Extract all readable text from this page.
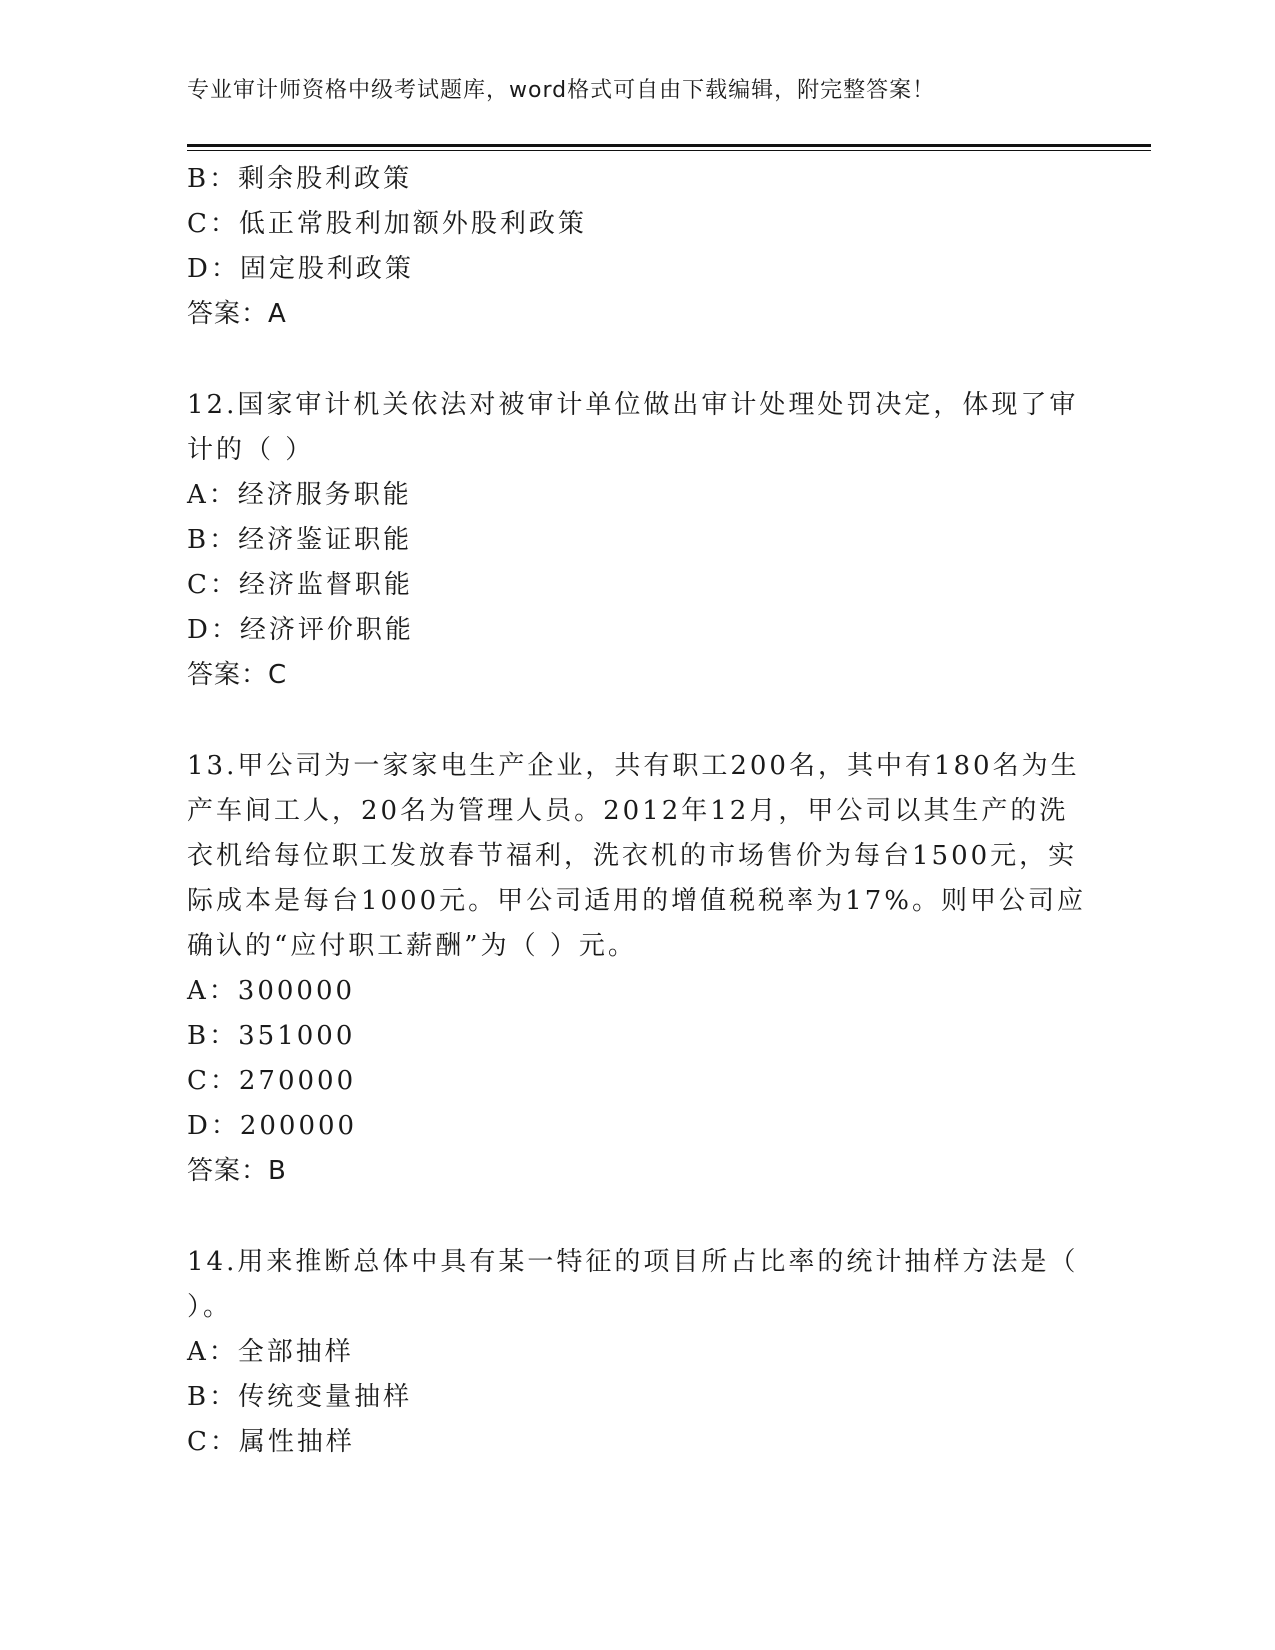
专业审计师资格中级考试题库，word格式可自由下载编辑，附完整答案！
B：剩余股利政策
C：低正常股利加额外股利政策
D：固定股利政策
答案：A
12.国家审计机关依法对被审计单位做出审计处理处罚决定，体现了审
计的（ ）
A：经济服务职能
B：经济鉴证职能
C：经济监督职能
D：经济评价职能
答案：C
13.甲公司为一家家电生产企业，共有职工200名，其中有180名为生
产车间工人，20名为管理人员。2012年12月，甲公司以其生产的洗
衣机给每位职工发放春节福利，洗衣机的市场售价为每台1500元，实
际成本是每台1000元。甲公司适用的增值税税率为17%。则甲公司应
确认的“应付职工薪酬”为（ ）元。
A：300000
B：351000
C：270000
D：200000
答案：B
14.用来推断总体中具有某一特征的项目所占比率的统计抽样方法是（
）。
A：全部抽样
B：传统变量抽样
C：属性抽样
